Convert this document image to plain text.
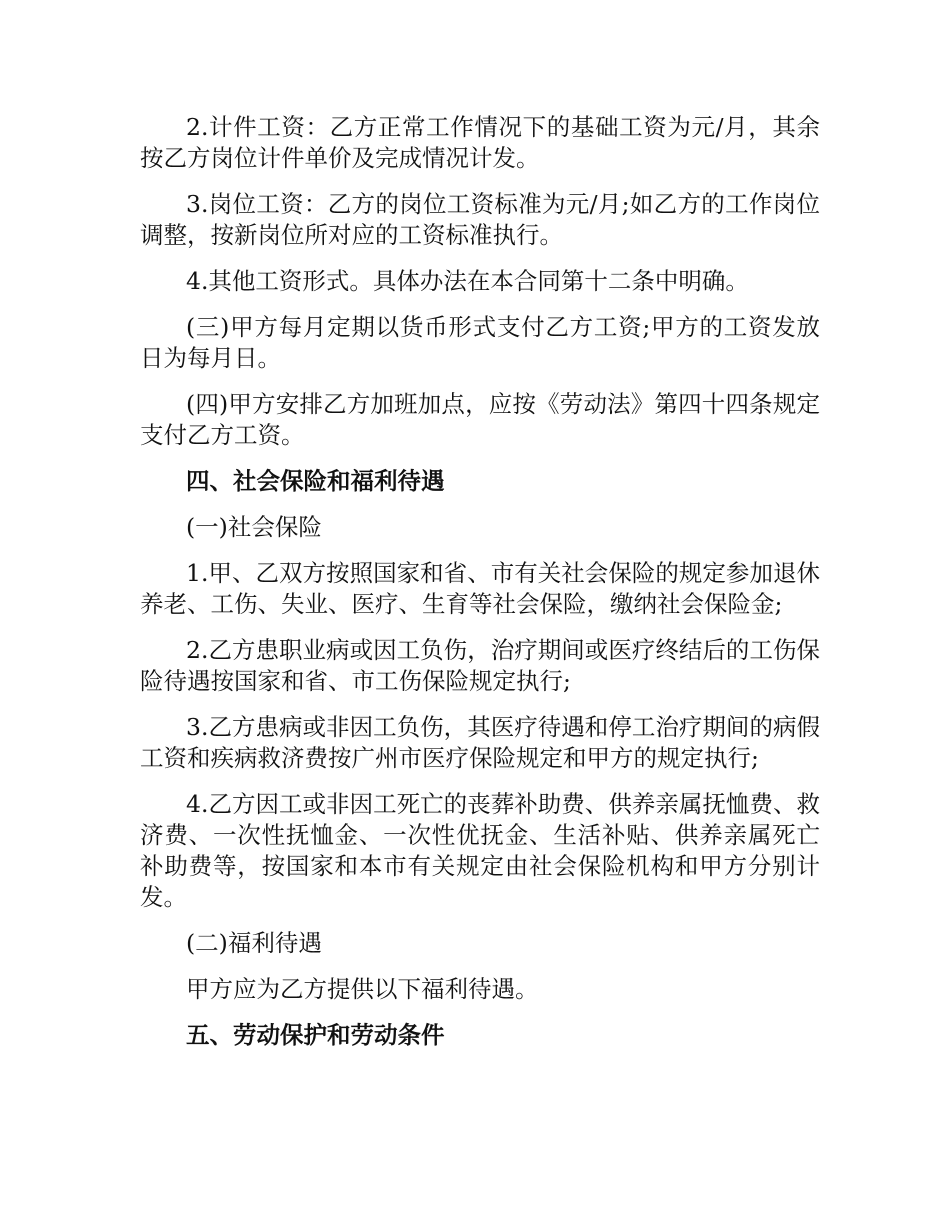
2.计件工资：乙方正常工作情况下的基础工资为元/月，其余按乙方岗位计件单价及完成情况计发。

3.岗位工资：乙方的岗位工资标准为元/月;如乙方的工作岗位调整，按新岗位所对应的工资标准执行。

4.其他工资形式。具体办法在本合同第十二条中明确。

(三)甲方每月定期以货币形式支付乙方工资;甲方的工资发放日为每月日。

(四)甲方安排乙方加班加点，应按《劳动法》第四十四条规定支付乙方工资。

四、社会保险和福利待遇

(一)社会保险

1.甲、乙双方按照国家和省、市有关社会保险的规定参加退休养老、工伤、失业、医疗、生育等社会保险，缴纳社会保险金;

2.乙方患职业病或因工负伤，治疗期间或医疗终结后的工伤保险待遇按国家和省、市工伤保险规定执行;

3.乙方患病或非因工负伤，其医疗待遇和停工治疗期间的病假工资和疾病救济费按广州市医疗保险规定和甲方的规定执行;

4.乙方因工或非因工死亡的丧葬补助费、供养亲属抚恤费、救济费、一次性抚恤金、一次性优抚金、生活补贴、供养亲属死亡补助费等，按国家和本市有关规定由社会保险机构和甲方分别计发。

(二)福利待遇

甲方应为乙方提供以下福利待遇。

五、劳动保护和劳动条件
